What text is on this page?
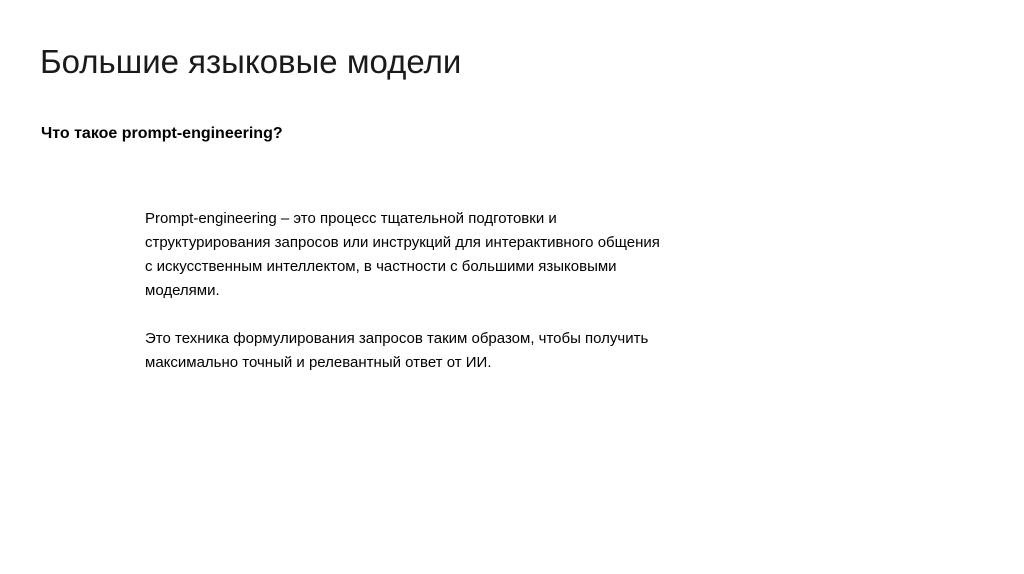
Большие языковые модели
Что такое prompt-engineering?

Prompt-engineering – это процесс тщательной подготовки и
структурирования запросов или инструкций для интерактивного общения
с искусственным интеллектом, в частности с большими языковыми
моделями.

Это техника формулирования запросов таким образом, чтобы получить
максимально точный и релевантный ответ от ИИ.
